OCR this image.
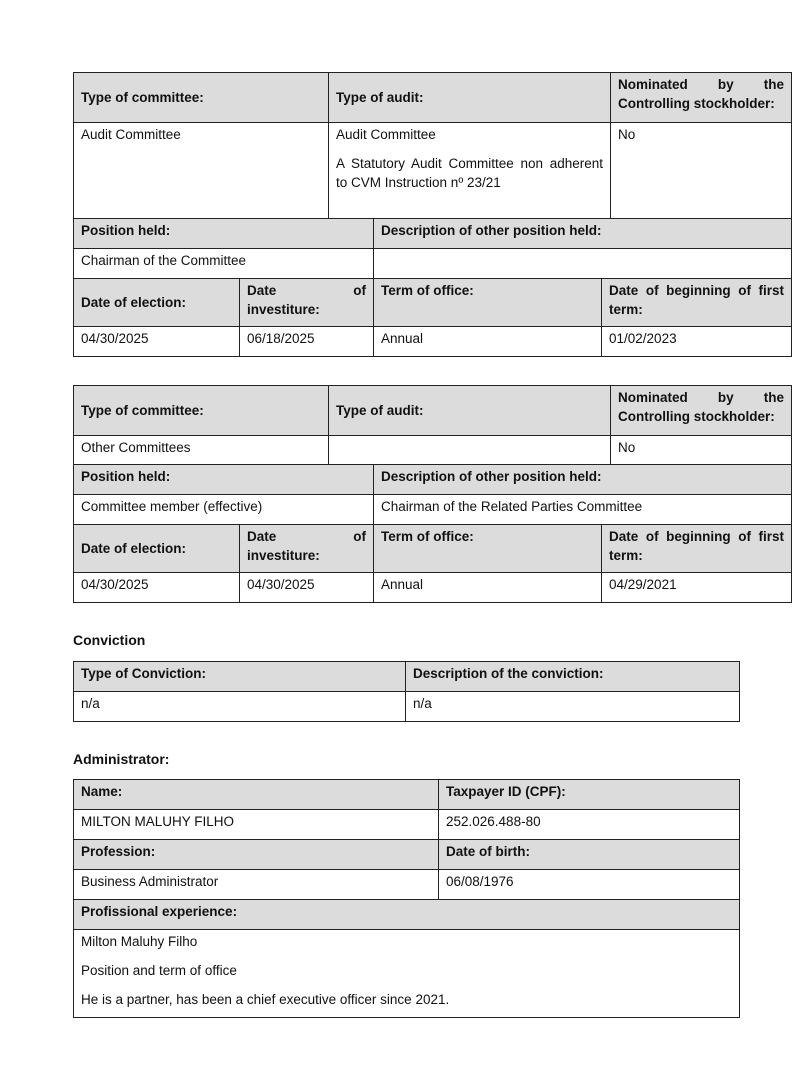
Type of committee:		Type of audit:			Nominated by the
Controlling stockholder:
Audit Committee		Audit Committee
A Statutory Audit Committee non adherent to CVM Instruction nº 23/21			No
Position held:			Description of other position held:		
Chairman of the Committee					
Date of election:	Date of
investiture:		Term of office:	Date of beginning of first
term:	
04/30/2025	06/18/2025		Annual	01/02/2023	
Type of committee:		Type of audit:			Nominated by the
Controlling stockholder:
Other Committees					No
Position held:			Description of other position held:		
Committee member (effective)			Chairman of the Related Parties Committee		
Date of election:	Date of
investiture:		Term of office:	Date of beginning of first
term:	
04/30/2025	04/30/2025		Annual	04/29/2021	
Conviction
Type of Conviction:	Description of the conviction:
n/a	n/a
Administrator:
Name:	Taxpayer ID (CPF):
MILTON MALUHY FILHO	252.026.488-80
Profession:	Date of birth:
Business Administrator	06/08/1976
Profissional experience:	

Milton Maluhy Filho

Position and term of office

He is a partner, has been a chief executive officer since 2021.	
